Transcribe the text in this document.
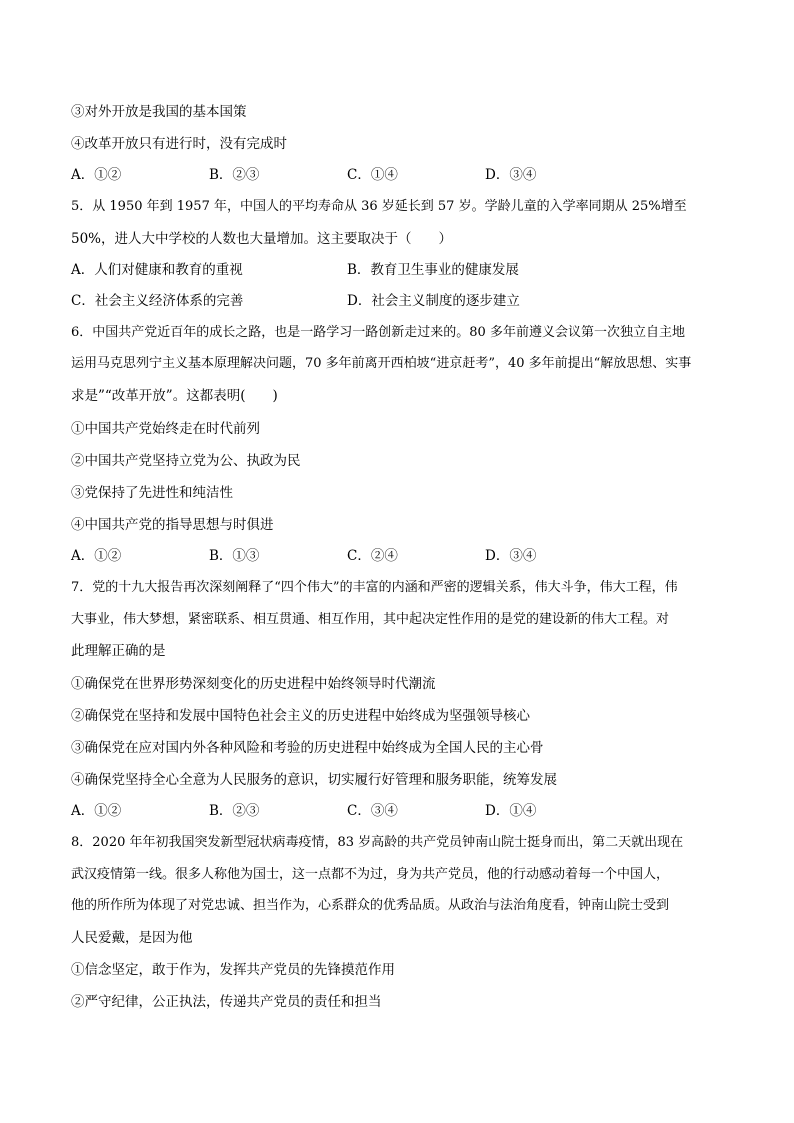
③对外开放是我国的基本国策
④改革开放只有进行时，没有完成时
A．①②	B．②③	C．①④	D．③④
5．从 1950 年到 1957 年，中国人的平均寿命从 36 岁延长到 57 岁。学龄儿童的入学率同期从 25%增至
50%，进人大中学校的人数也大量增加。这主要取决于（　　）
A．人们对健康和教育的重视	B．教育卫生事业的健康发展
C．社会主义经济体系的完善	D．社会主义制度的逐步建立
6．中国共产党近百年的成长之路，也是一路学习一路创新走过来的。80 多年前遵义会议第一次独立自主地
运用马克思列宁主义基本原理解决问题，70 多年前离开西柏坡“进京赶考”，40 多年前提出“解放思想、实事
求是”“改革开放”。这都表明(　　)
①中国共产党始终走在时代前列
②中国共产党坚持立党为公、执政为民
③党保持了先进性和纯洁性
④中国共产党的指导思想与时俱进
A．①②	B．①③	C．②④	D．③④
7．党的十九大报告再次深刻阐释了“四个伟大”的丰富的内涵和严密的逻辑关系，伟大斗争，伟大工程，伟
大事业，伟大梦想，紧密联系、相互贯通、相互作用，其中起决定性作用的是党的建设新的伟大工程。对
此理解正确的是
①确保党在世界形势深刻变化的历史进程中始终领导时代潮流
②确保党在坚持和发展中国特色社会主义的历史进程中始终成为坚强领导核心
③确保党在应对国内外各种风险和考验的历史进程中始终成为全国人民的主心骨
④确保党坚持全心全意为人民服务的意识，切实履行好管理和服务职能，统筹发展
A．①②	B．②③	C．③④	D．①④
8．2020 年年初我国突发新型冠状病毒疫情，83 岁高龄的共产党员钟南山院士挺身而出，第二天就出现在
武汉疫情第一线。很多人称他为国士，这一点都不为过，身为共产党员，他的行动感动着每一个中国人，
他的所作所为体现了对党忠诚、担当作为，心系群众的优秀品质。从政治与法治角度看，钟南山院士受到
人民爱戴，是因为他
①信念坚定，敢于作为，发挥共产党员的先锋摸范作用
②严守纪律，公正执法，传递共产党员的责任和担当
